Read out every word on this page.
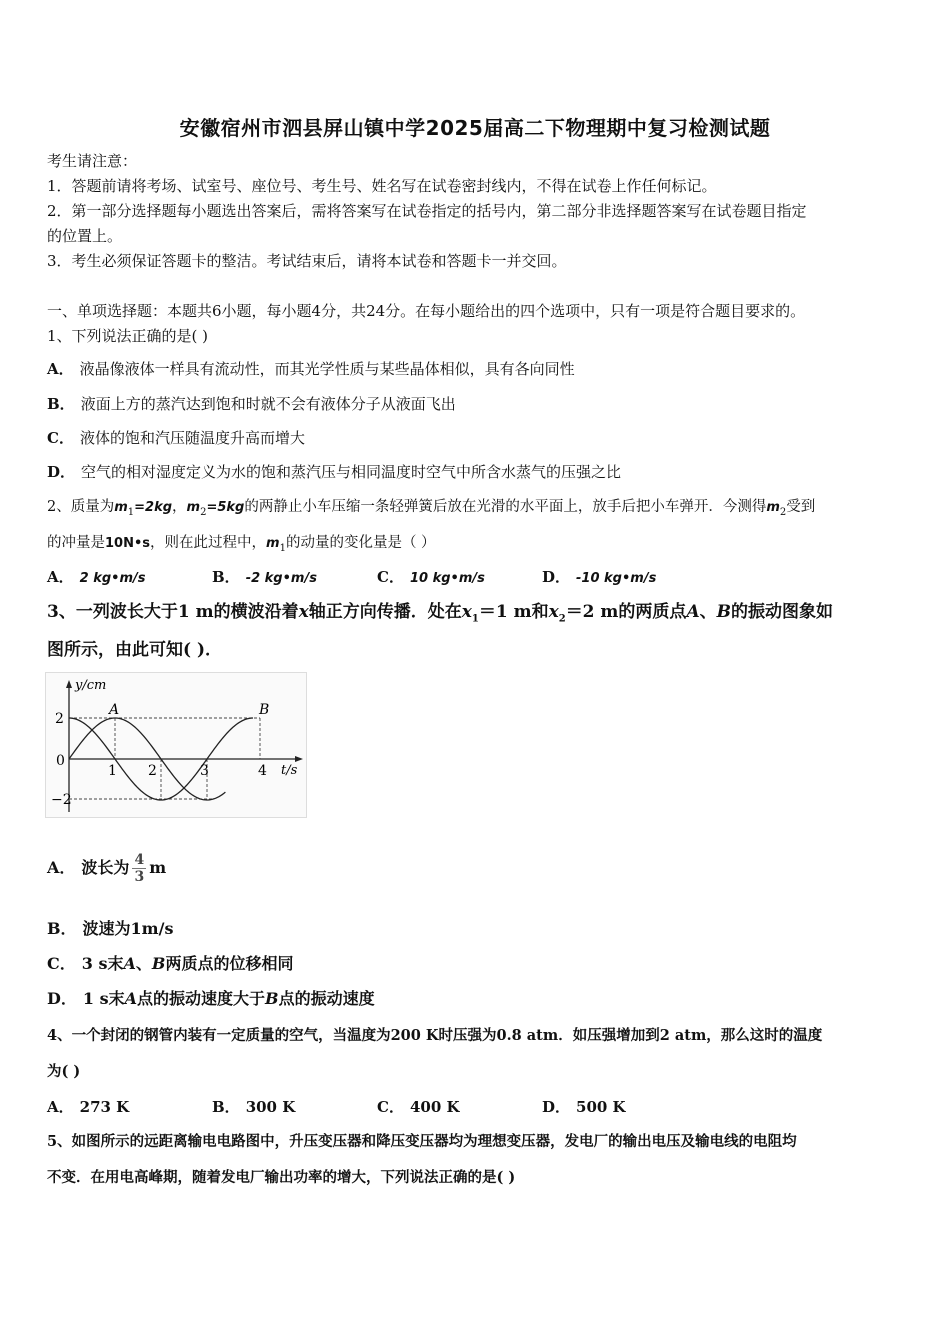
安徽宿州市泗县屏山镇中学2025届高二下物理期中复习检测试题
考生请注意：
1．答题前请将考场、试室号、座位号、考生号、姓名写在试卷密封线内，不得在试卷上作任何标记。
2．第一部分选择题每小题选出答案后，需将答案写在试卷指定的括号内，第二部分非选择题答案写在试卷题目指定
的位置上。
3．考生必须保证答题卡的整洁。考试结束后，请将本试卷和答题卡一并交回。
一、单项选择题：本题共6小题，每小题4分，共24分。在每小题给出的四个选项中，只有一项是符合题目要求的。
1、下列说法正确的是( )
A． 液晶像液体一样具有流动性，而其光学性质与某些晶体相似，具有各向同性
B． 液面上方的蒸汽达到饱和时就不会有液体分子从液面飞出
C． 液体的饱和汽压随温度升高而增大
D． 空气的相对湿度定义为水的饱和蒸汽压与相同温度时空气中所含水蒸气的压强之比
2、质量为$m_1=2kg$，$m_2=5kg$的两静止小车压缩一条轻弹簧后放在光滑的水平面上，放手后把小车弹开．今测得$m_2$受到
的冲量是10N•s，则在此过程中，$m_1$的动量的变化量是（ ）
A． 2 kg•m/s	B． -2 kg•m/s	C． 10 kg•m/s	D． -10 kg•m/s
3、一列波长大于1 m的横波沿着x轴正方向传播．处在$x_1=1$ m和$x_2=2$ m的两质点A、B的振动图象如
图所示，由此可知( )．
y/cm
t/s
2
0
−2
1 2	3	4
A	B
A． 波长为 $\frac{4}{3}$ m
B． 波速为1m/s
C． 3 s末A、B两质点的位移相同
D． 1 s末A点的振动速度大于B点的振动速度
4、一个封闭的钢管内装有一定质量的空气，当温度为200 K时压强为0.8 atm．如压强增加到2 atm，那么这时的温度
为( )
A． 273 K	B． 300 K	C． 400 K	D． 500 K
5、如图所示的远距离输电电路图中，升压变压器和降压变压器均为理想变压器，发电厂的输出电压及输电线的电阻均
不变．在用电高峰期，随着发电厂输出功率的增大，下列说法正确的是( )
